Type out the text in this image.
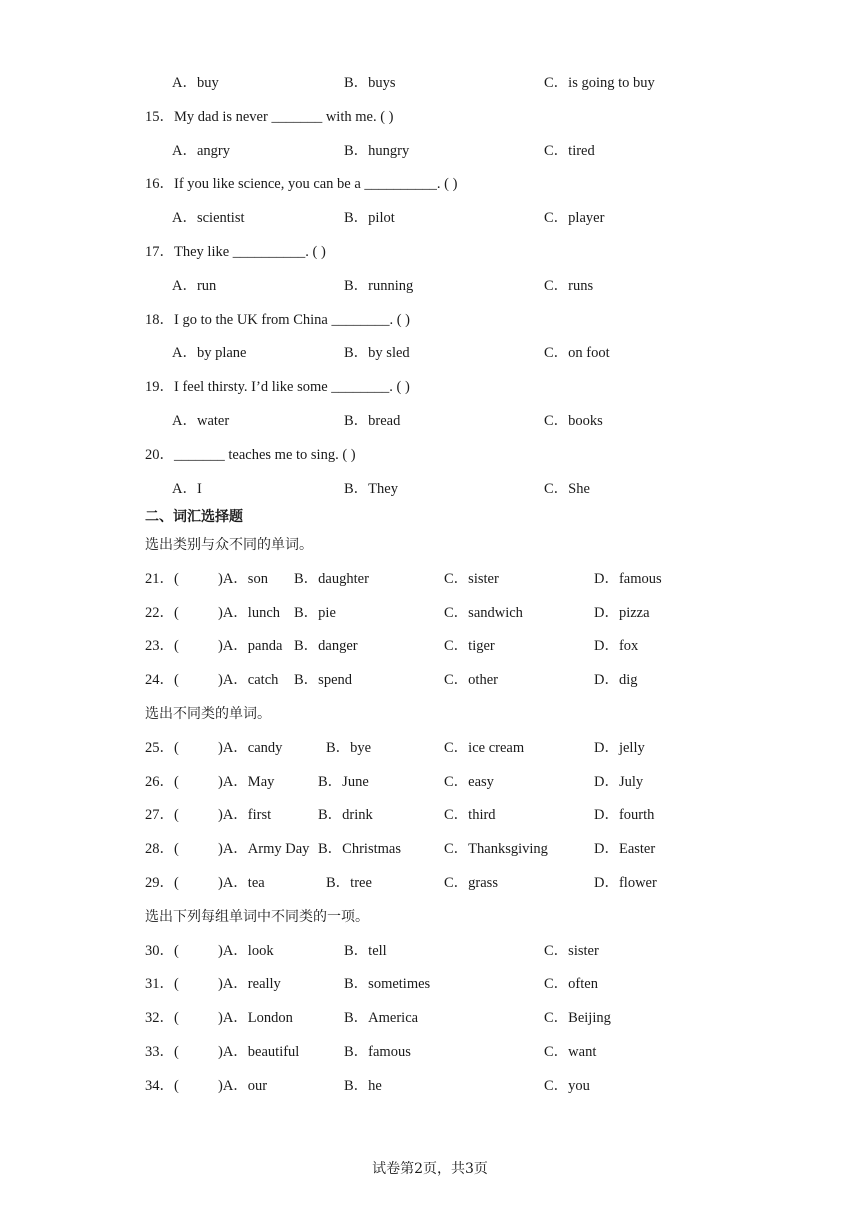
A．buy	B．buys	C．is going to buy
15．My dad is never _______ with me. ( )
A．angry	B．hungry	C．tired
16．If you like science, you can be a __________. ( )
A．scientist	B．pilot	C．player
17．They like __________. ( )
A．run	B．running	C．runs
18．I go to the UK from China ________. ( )
A．by plane	B．by sled	C．on foot
19．I feel thirsty. I’d like some ________. ( )
A．water	B．bread	C．books
20．_______ teaches me to sing. ( )
A．I	B．They	C．She
二、词汇选择题
选出类别与众不同的单词。
21．(	)A．son B．daughter	C．sister	D．famous
22．(	)A．lunch B．pie	C．sandwich	D．pizza
23．(	)A．panda B．danger	C．tiger	D．fox
24．(	)A．catch B．spend	C．other	D．dig
选出不同类的单词。
25．(	)A．candy	B．bye	C．ice cream	D．jelly
26．(	)A．May	B．June	C．easy	D．July
27．(	)A．first	B．drink	C．third	D．fourth
28．(	)A．Army Day B．Christmas	C．Thanksgiving	D．Easter
29．(	)A．tea	B．tree	C．grass	D．flower
选出下列每组单词中不同类的一项。
30．(	)A．look	B．tell	C．sister
31．(	)A．really	B．sometimes	C．often
32．(	)A．London	B．America	C．Beijing
33．(	)A．beautiful	B．famous	C．want
34．(	)A．our	B．he	C．you
试卷第2页，共3页
